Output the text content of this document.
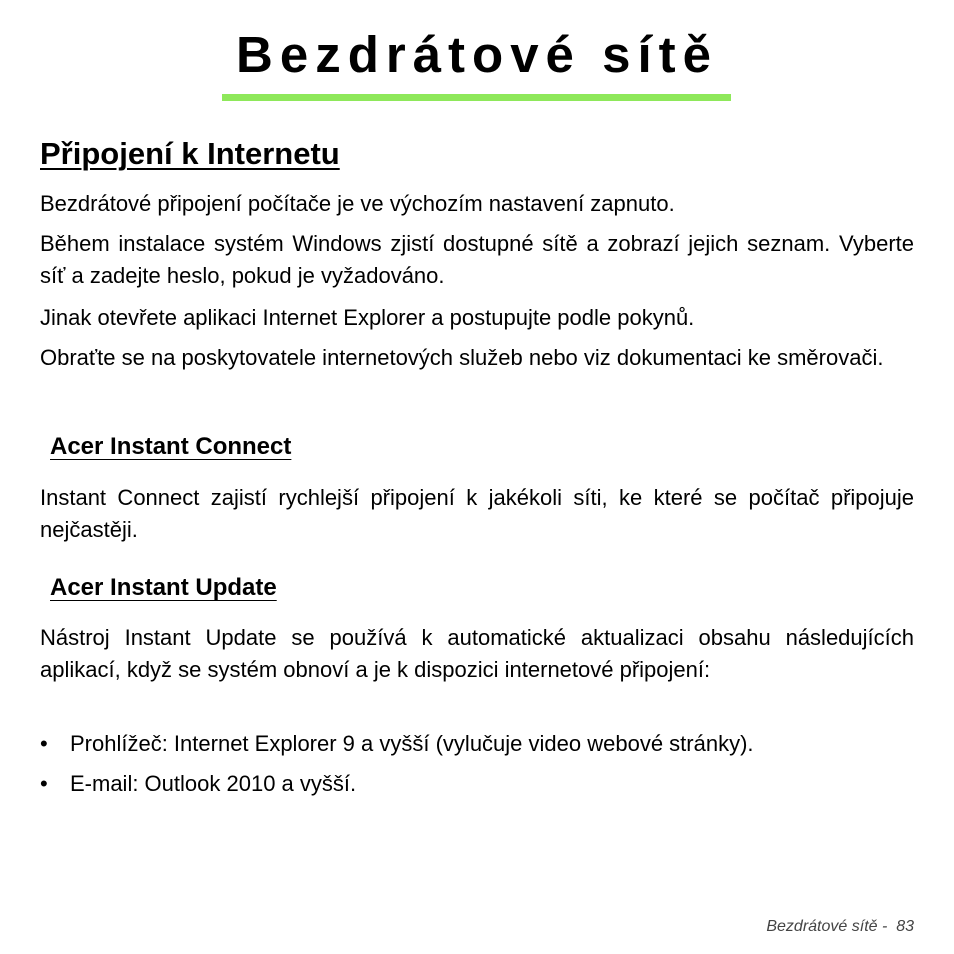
Bezdrátové sítě
Připojení k Internetu

Bezdrátové připojení počítače je ve výchozím nastavení zapnuto.

Během instalace systém Windows zjistí dostupné sítě a zobrazí jejich seznam. Vyberte síť a zadejte heslo, pokud je vyžadováno.

Jinak otevřete aplikaci Internet Explorer a postupujte podle pokynů.

Obraťte se na poskytovatele internetových služeb nebo viz dokumentaci ke směrovači.

Acer Instant Connect

Instant Connect zajistí rychlejší připojení k jakékoli síti, ke které se počítač připojuje nejčastěji.

Acer Instant Update

Nástroj Instant Update se používá k automatické aktualizaci obsahu následujících aplikací, když se systém obnoví a je k dispozici internetové připojení:

• Prohlížeč: Internet Explorer 9 a vyšší (vylučuje video webové stránky).
• E-mail: Outlook 2010 a vyšší.
Bezdrátové sítě - 83
